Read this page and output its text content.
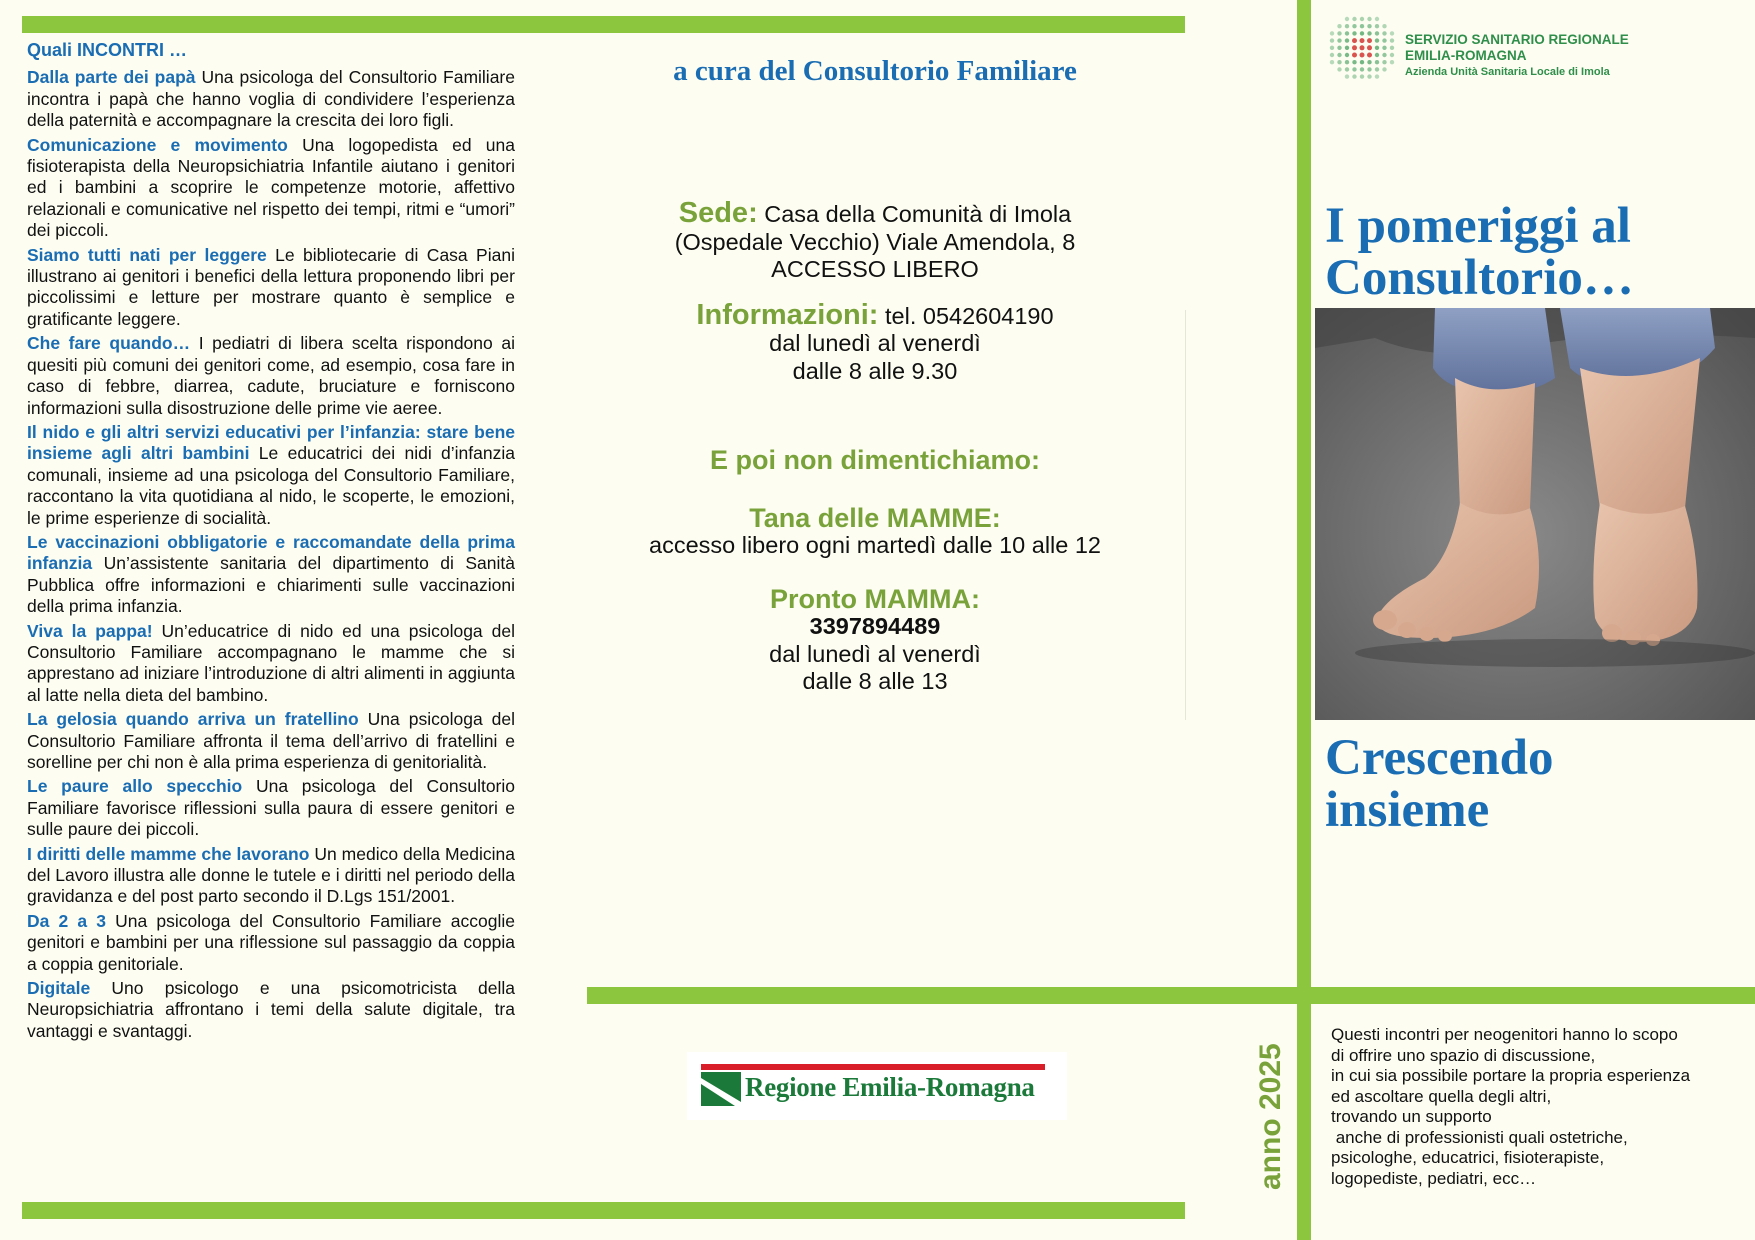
Quali INCONTRI …
Dalla parte dei papà Una psicologa del Consultorio Familiare incontra i papà che hanno voglia di condividere l’esperienza della paternità e accompagnare la crescita dei loro figli.
Comunicazione e movimento Una logopedista ed una fisioterapista della Neuropsichiatria Infantile aiutano i genitori ed i bambini a scoprire le competenze motorie, affettivo relazionali e comunicative nel rispetto dei tempi, ritmi e “umori” dei piccoli.
Siamo tutti nati per leggere Le bibliotecarie di Casa Piani illustrano ai genitori i benefici della lettura proponendo libri per piccolissimi e letture per mostrare quanto è semplice e gratificante leggere.
Che fare quando… I pediatri di libera scelta rispondono ai quesiti più comuni dei genitori come, ad esempio, cosa fare in caso di febbre, diarrea, cadute, bruciature e forniscono informazioni sulla disostruzione delle prime vie aeree.
Il nido e gli altri servizi educativi per l’infanzia: stare bene insieme agli altri bambini Le educatrici dei nidi d’infanzia comunali, insieme ad una psicologa del Consultorio Familiare, raccontano la vita quotidiana al nido, le scoperte, le emozioni, le prime esperienze di socialità.
Le vaccinazioni obbligatorie e raccomandate della prima infanzia Un’assistente sanitaria del dipartimento di Sanità Pubblica offre informazioni e chiarimenti sulle vaccinazioni della prima infanzia.
Viva la pappa! Un’educatrice di nido ed una psicologa del Consultorio Familiare accompagnano le mamme che si apprestano ad iniziare l’introduzione di altri alimenti in aggiunta al latte nella dieta del bambino.
La gelosia quando arriva un fratellino Una psicologa del Consultorio Familiare affronta il tema dell’arrivo di fratellini e sorelline per chi non è alla prima esperienza di genitorialità.
Le paure allo specchio Una psicologa del Consultorio Familiare favorisce riflessioni sulla paura di essere genitori e sulle paure dei piccoli.
I diritti delle mamme che lavorano Un medico della Medicina del Lavoro illustra alle donne le tutele e i diritti nel periodo della gravidanza e del post parto secondo il D.Lgs 151/2001.
Da 2 a 3 Una psicologa del Consultorio Familiare accoglie genitori e bambini per una riflessione sul passaggio da coppia a coppia genitoriale.
Digitale Uno psicologo e una psicomotricista della Neuropsichiatria affrontano i temi della salute digitale, tra vantaggi e svantaggi.
a cura del Consultorio Familiare
Sede: Casa della Comunità di Imola
(Ospedale Vecchio) Viale Amendola, 8
ACCESSO LIBERO
Informazioni: tel. 0542604190
dal lunedì al venerdì
dalle 8 alle 9.30
E poi non dimentichiamo:
Tana delle MAMME:
accesso libero ogni martedì dalle 10 alle 12
Pronto MAMMA:
3397894489
dal lunedì al venerdì
dalle 8 alle 13
Regione Emilia-Romagna
SERVIZIO SANITARIO REGIONALE
EMILIA-ROMAGNA
Azienda Unità Sanitaria Locale di Imola
I pomeriggi al
Consultorio…
Crescendo
insieme
anno 2025
Questi incontri per neogenitori hanno lo scopo
di offrire uno spazio di discussione,
in cui sia possibile portare la propria esperienza
ed ascoltare quella degli altri,
trovando un supporto
anche di professionisti quali ostetriche,
psicologhe, educatrici, fisioterapiste,
logopediste, pediatri, ecc…
